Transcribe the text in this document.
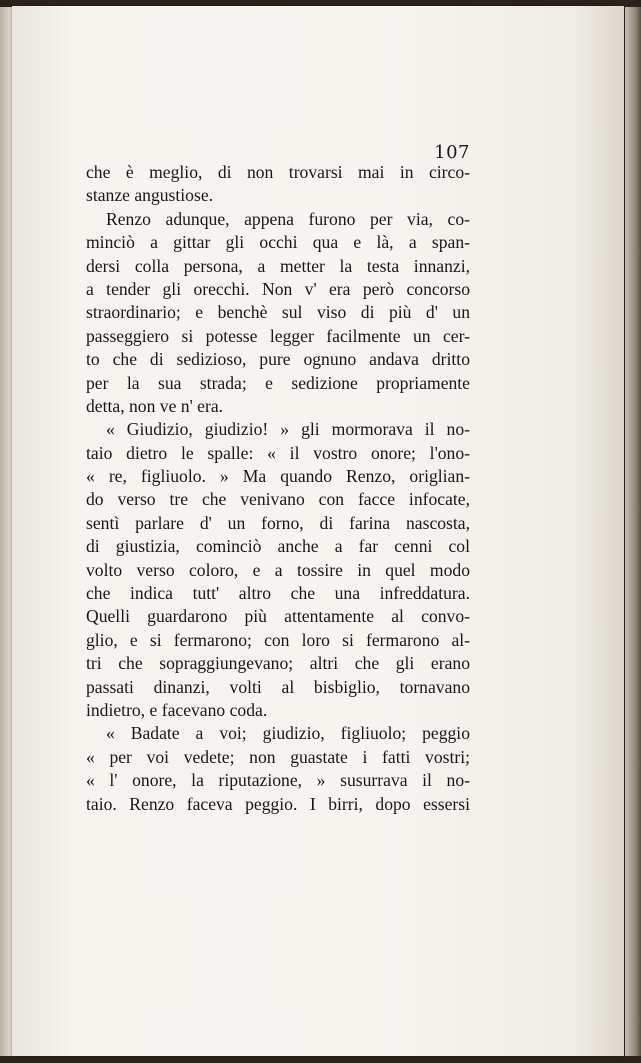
107
che è meglio, di non trovarsi mai in circo-
stanze angustiose.
Renzo adunque, appena furono per via, co-
minciò a gittar gli occhi qua e là, a span-
dersi colla persona, a metter la testa innanzi,
a tender gli orecchi. Non v' era però concorso
straordinario; e benchè sul viso di più d' un
passeggiero si potesse legger facilmente un cer-
to che di sedizioso, pure ognuno andava dritto
per la sua strada; e sedizione propriamente
detta, non ve n' era.
« Giudizio, giudizio! » gli mormorava il no-
taio dietro le spalle: « il vostro onore; l'ono-
« re, figliuolo. » Ma quando Renzo, origlian-
do verso tre che venivano con facce infocate,
sentì parlare d' un forno, di farina nascosta,
di giustizia, cominciò anche a far cenni col
volto verso coloro, e a tossire in quel modo
che indica tutt' altro che una infreddatura.
Quelli guardarono più attentamente al convo-
glio, e si fermarono; con loro si fermarono al-
tri che sopraggiungevano; altri che gli erano
passati dinanzi, volti al bisbiglio, tornavano
indietro, e facevano coda.
« Badate a voi; giudizio, figliuolo; peggio
« per voi vedete; non guastate i fatti vostri;
« l' onore, la riputazione, » susurrava il no-
taio. Renzo faceva peggio. I birri, dopo essersi
